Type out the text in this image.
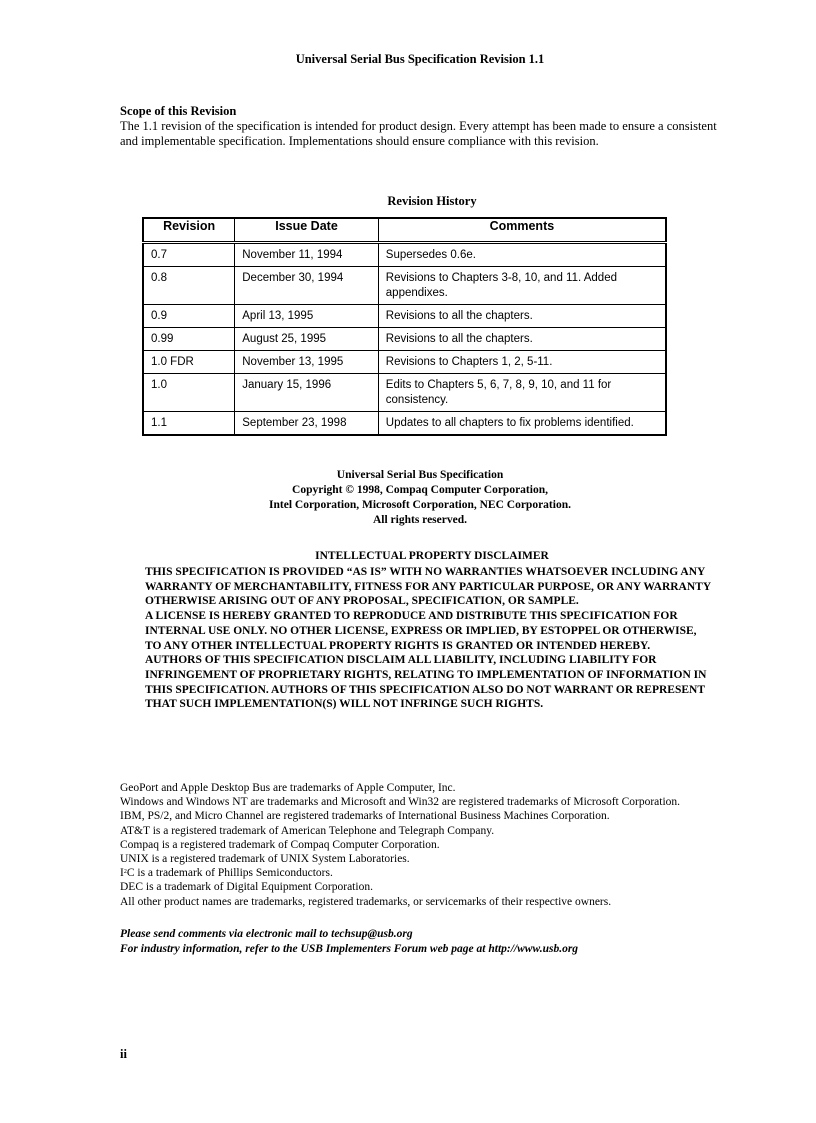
Universal Serial Bus Specification Revision 1.1
Scope of this Revision
The 1.1 revision of the specification is intended for product design. Every attempt has been made to ensure a consistent and implementable specification. Implementations should ensure compliance with this revision.
Revision History
Revision	Issue Date	Comments
0.7	November 11, 1994	Supersedes 0.6e.
0.8	December 30, 1994	Revisions to Chapters 3-8, 10, and 11. Added appendixes.
0.9	April 13, 1995	Revisions to all the chapters.
0.99	August 25, 1995	Revisions to all the chapters.
1.0 FDR	November 13, 1995	Revisions to Chapters 1, 2, 5-11.
1.0	January 15, 1996	Edits to Chapters 5, 6, 7, 8, 9, 10, and 11 for consistency.
1.1	September 23, 1998	Updates to all chapters to fix problems identified.
Universal Serial Bus Specification
Copyright © 1998, Compaq Computer Corporation,
Intel Corporation, Microsoft Corporation, NEC Corporation.
All rights reserved.
INTELLECTUAL PROPERTY DISCLAIMER

THIS SPECIFICATION IS PROVIDED “AS IS” WITH NO WARRANTIES WHATSOEVER INCLUDING ANY WARRANTY OF MERCHANTABILITY, FITNESS FOR ANY PARTICULAR PURPOSE, OR ANY WARRANTY OTHERWISE ARISING OUT OF ANY PROPOSAL, SPECIFICATION, OR SAMPLE.

A LICENSE IS HEREBY GRANTED TO REPRODUCE AND DISTRIBUTE THIS SPECIFICATION FOR INTERNAL USE ONLY. NO OTHER LICENSE, EXPRESS OR IMPLIED, BY ESTOPPEL OR OTHERWISE, TO ANY OTHER INTELLECTUAL PROPERTY RIGHTS IS GRANTED OR INTENDED HEREBY.

AUTHORS OF THIS SPECIFICATION DISCLAIM ALL LIABILITY, INCLUDING LIABILITY FOR INFRINGEMENT OF PROPRIETARY RIGHTS, RELATING TO IMPLEMENTATION OF INFORMATION IN THIS SPECIFICATION. AUTHORS OF THIS SPECIFICATION ALSO DO NOT WARRANT OR REPRESENT THAT SUCH IMPLEMENTATION(S) WILL NOT INFRINGE SUCH RIGHTS.

GeoPort and Apple Desktop Bus are trademarks of Apple Computer, Inc.

Windows and Windows NT are trademarks and Microsoft and Win32 are registered trademarks of Microsoft Corporation.

IBM, PS/2, and Micro Channel are registered trademarks of International Business Machines Corporation.

AT&T is a registered trademark of American Telephone and Telegraph Company.

Compaq is a registered trademark of Compaq Computer Corporation.

UNIX is a registered trademark of UNIX System Laboratories.

$I^2C$ is a trademark of Phillips Semiconductors.

DEC is a trademark of Digital Equipment Corporation.

All other product names are trademarks, registered trademarks, or servicemarks of their respective owners.

Please send comments via electronic mail to techsup@usb.org

For industry information, refer to the USB Implementers Forum web page at http://www.usb.org

ii
